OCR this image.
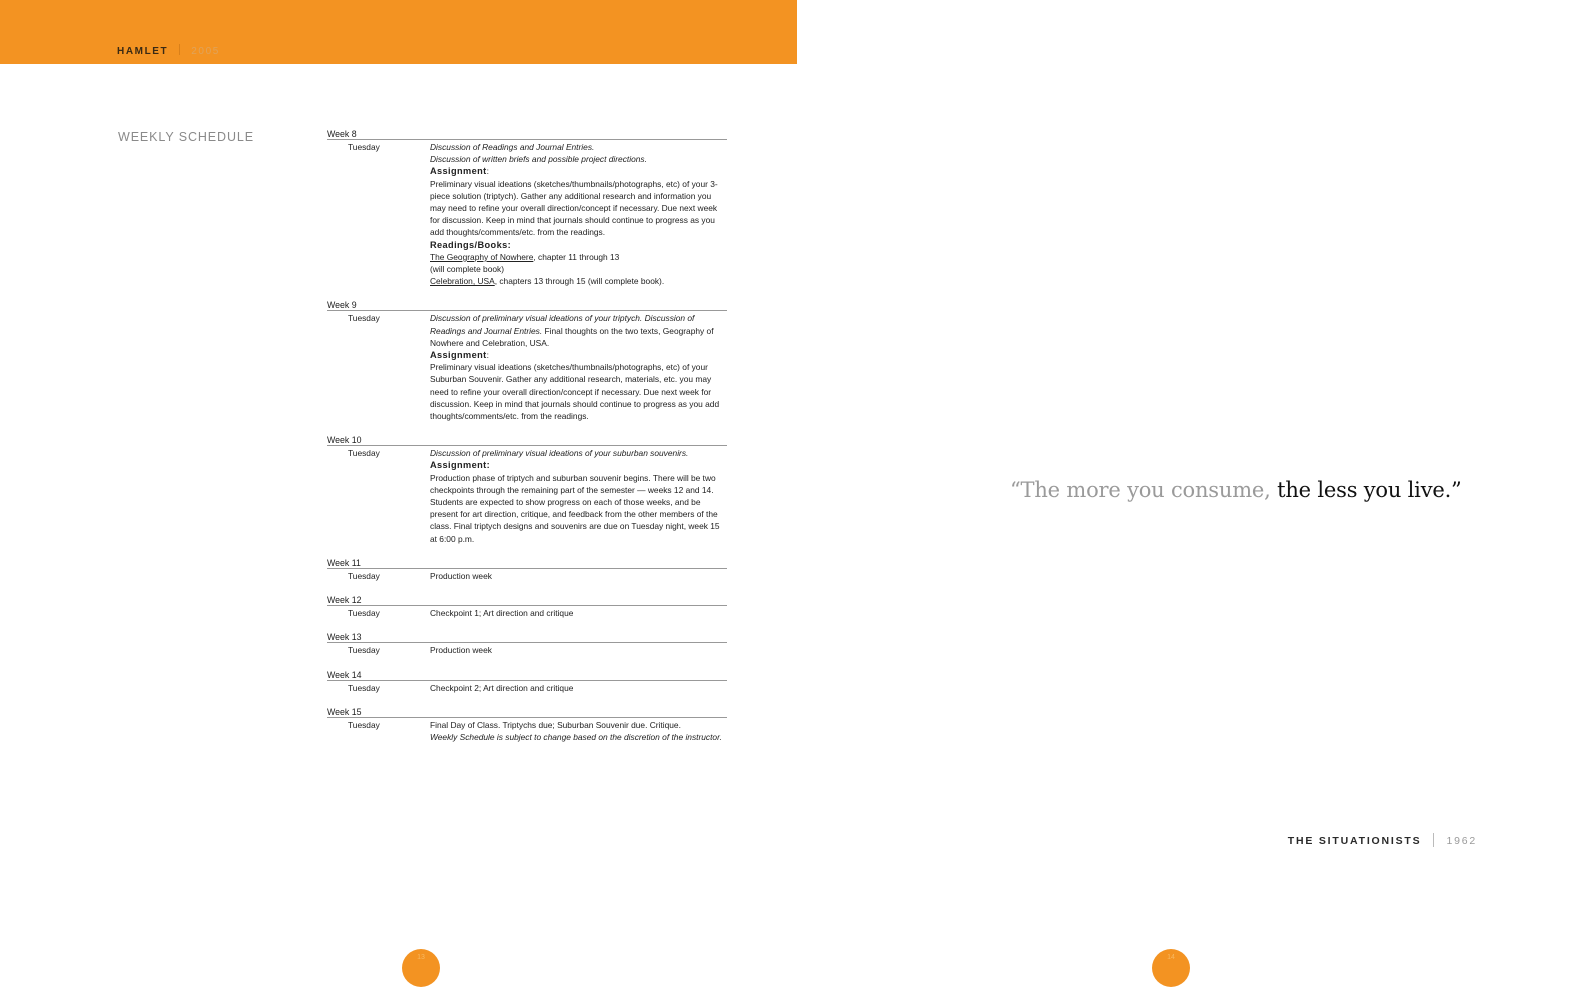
HAMLET 2005
WEEKLY SCHEDULE	Week 8
Tuesday	Discussion of Readings and Journal Entries.

Discussion of written briefs and possible project directions.

Assignment:

Preliminary visual ideations (sketches/thumbnails/photographs, etc) of your 3-piece solution (triptych). Gather any additional research and information you may need to refine your overall direction/concept if necessary. Due next week for discussion. Keep in mind that journals should continue to progress as you add thoughts/comments/etc. from the readings.

Readings/Books:

The Geography of Nowhere, chapter 11 through 13

(will complete book)

Celebration, USA, chapters 13 through 15 (will complete book).

Week 9
Tuesday	Discussion of preliminary visual ideations of your triptych. Discussion of Readings and Journal Entries. Final thoughts on the two texts, Geography of Nowhere and Celebration, USA.

Assignment:

Preliminary visual ideations (sketches/thumbnails/photographs, etc) of your Suburban Souvenir. Gather any additional research, materials, etc. you may need to refine your overall direction/concept if necessary. Due next week for discussion. Keep in mind that journals should continue to progress as you add thoughts/comments/etc. from the readings.

Week 10
Tuesday	Discussion of preliminary visual ideations of your suburban souvenirs.

Assignment:

Production phase of triptych and suburban souvenir begins. There will be two checkpoints through the remaining part of the semester — weeks 12 and 14. Students are expected to show progress on each of those weeks, and be present for art direction, critique, and feedback from the other members of the class. Final triptych designs and souvenirs are due on Tuesday night, week 15 at 6:00 p.m.

Week 11
Tuesday	Production week
Week 12
Tuesday	Checkpoint 1; Art direction and critique
Week 13
Tuesday	Production week
Week 14
Tuesday	Checkpoint 2; Art direction and critique
Week 15
Tuesday	Final Day of Class. Triptychs due; Suburban Souvenir due. Critique.

Weekly Schedule is subject to change based on the discretion of the instructor.

“The more you consume, the less you live.”
THE SITUATIONISTS 1962
13	14
